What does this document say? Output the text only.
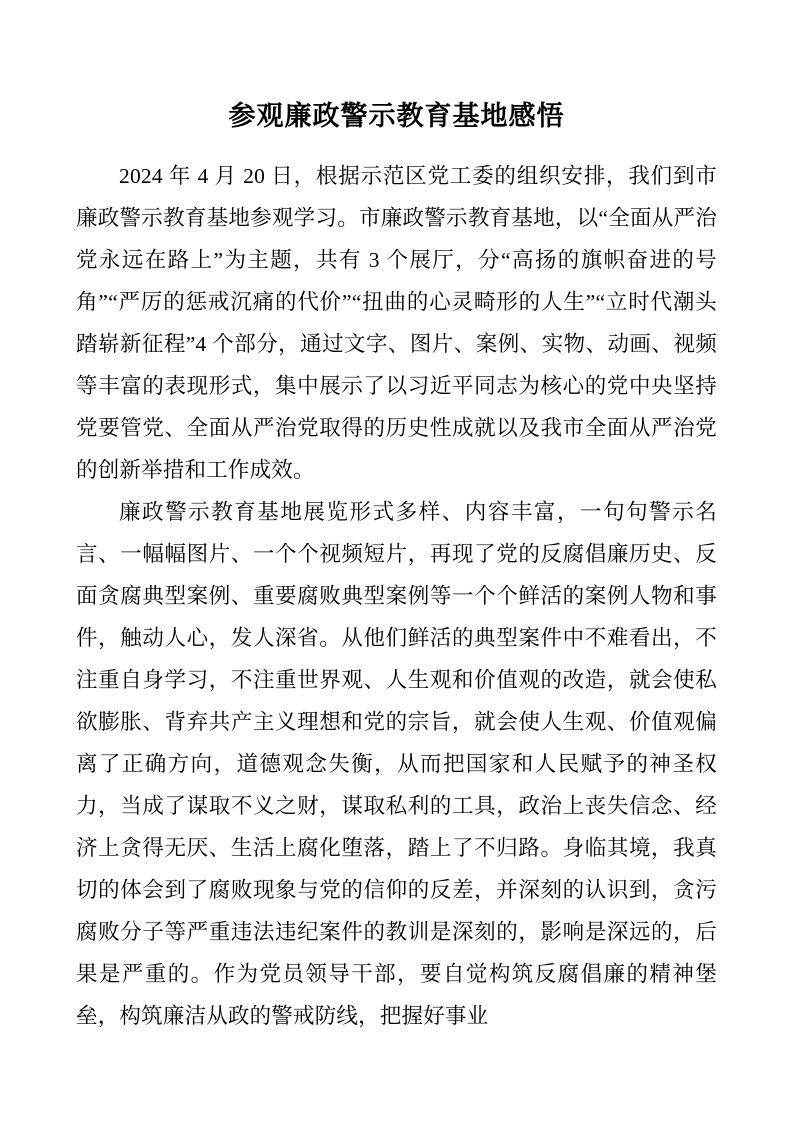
参观廉政警示教育基地感悟

2024 年 4 月 20 日，根据示范区党工委的组织安排，我们到市廉政警示教育基地参观学习。市廉政警示教育基地，以“全面从严治党永远在路上”为主题，共有 3 个展厅，分“高扬的旗帜奋进的号角”“严厉的惩戒沉痛的代价”“扭曲的心灵畸形的人生”“立时代潮头踏崭新征程”4 个部分，通过文字、图片、案例、实物、动画、视频等丰富的表现形式，集中展示了以习近平同志为核心的党中央坚持党要管党、全面从严治党取得的历史性成就以及我市全面从严治党的创新举措和工作成效。

廉政警示教育基地展览形式多样、内容丰富，一句句警示名言、一幅幅图片、一个个视频短片，再现了党的反腐倡廉历史、反面贪腐典型案例、重要腐败典型案例等一个个鲜活的案例人物和事件，触动人心，发人深省。从他们鲜活的典型案件中不难看出，不注重自身学习，不注重世界观、人生观和价值观的改造，就会使私欲膨胀、背弃共产主义理想和党的宗旨，就会使人生观、价值观偏离了正确方向，道德观念失衡，从而把国家和人民赋予的神圣权力，当成了谋取不义之财，谋取私利的工具，政治上丧失信念、经济上贪得无厌、生活上腐化堕落，踏上了不归路。身临其境，我真切的体会到了腐败现象与党的信仰的反差，并深刻的认识到，贪污腐败分子等严重违法违纪案件的教训是深刻的，影响是深远的，后果是严重的。作为党员领导干部，要自觉构筑反腐倡廉的精神堡垒，构筑廉洁从政的警戒防线，把握好事业
